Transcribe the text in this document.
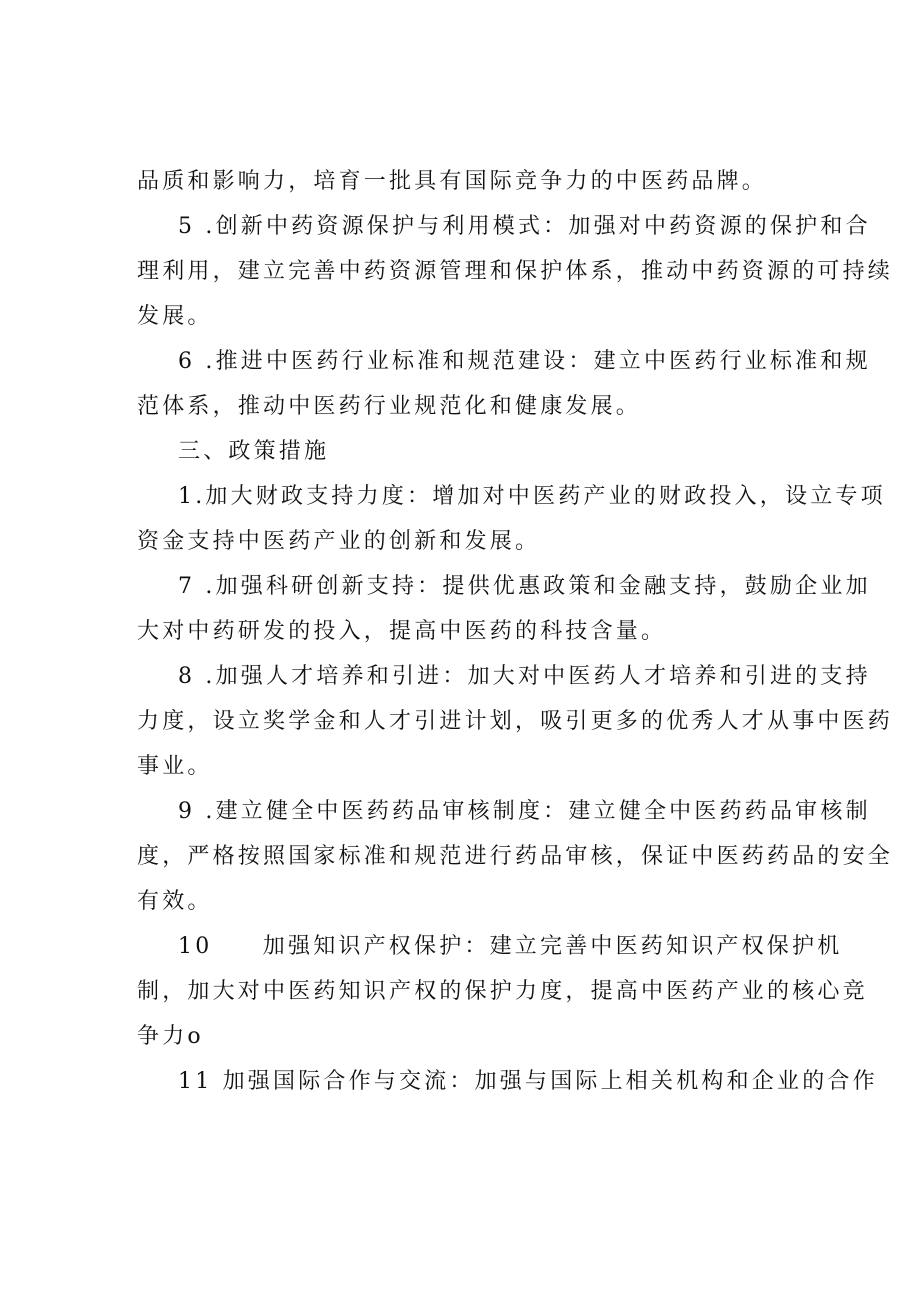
品质和影响力，培育一批具有国际竞争力的中医药品牌。
5 .创新中药资源保护与利用模式：加强对中药资源的保护和合
理利用，建立完善中药资源管理和保护体系，推动中药资源的可持续
发展。
6 .推进中医药行业标准和规范建设：建立中医药行业标准和规
范体系，推动中医药行业规范化和健康发展。
三、政策措施
1.加大财政支持力度：增加对中医药产业的财政投入，设立专项
资金支持中医药产业的创新和发展。
7 .加强科研创新支持：提供优惠政策和金融支持，鼓励企业加
大对中药研发的投入，提高中医药的科技含量。
8 .加强人才培养和引进：加大对中医药人才培养和引进的支持
力度，设立奖学金和人才引进计划，吸引更多的优秀人才从事中医药
事业。
9 .建立健全中医药药品审核制度：建立健全中医药药品审核制
度，严格按照国家标准和规范进行药品审核，保证中医药药品的安全
有效。
10　　加强知识产权保护：建立完善中医药知识产权保护机
制，加大对中医药知识产权的保护力度，提高中医药产业的核心竞
争力o
11 加强国际合作与交流：加强与国际上相关机构和企业的合作
